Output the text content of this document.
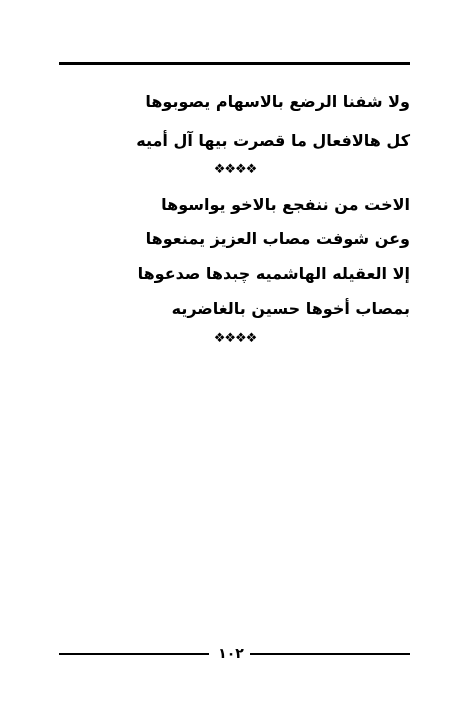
ولا شفنا الرضع بالاسهام يصوبوها
كل هالافعال ما قصرت بيها آل أميه
❖❖❖❖
الاخت من ننفجع بالاخو يواسوها
وعن شوفت مصاب العزيز يمنعوها
إلا العقيله الهاشميه چبدها صدعوها
بمصاب أخوها حسين بالغاضريه
❖❖❖❖
١٠٢
